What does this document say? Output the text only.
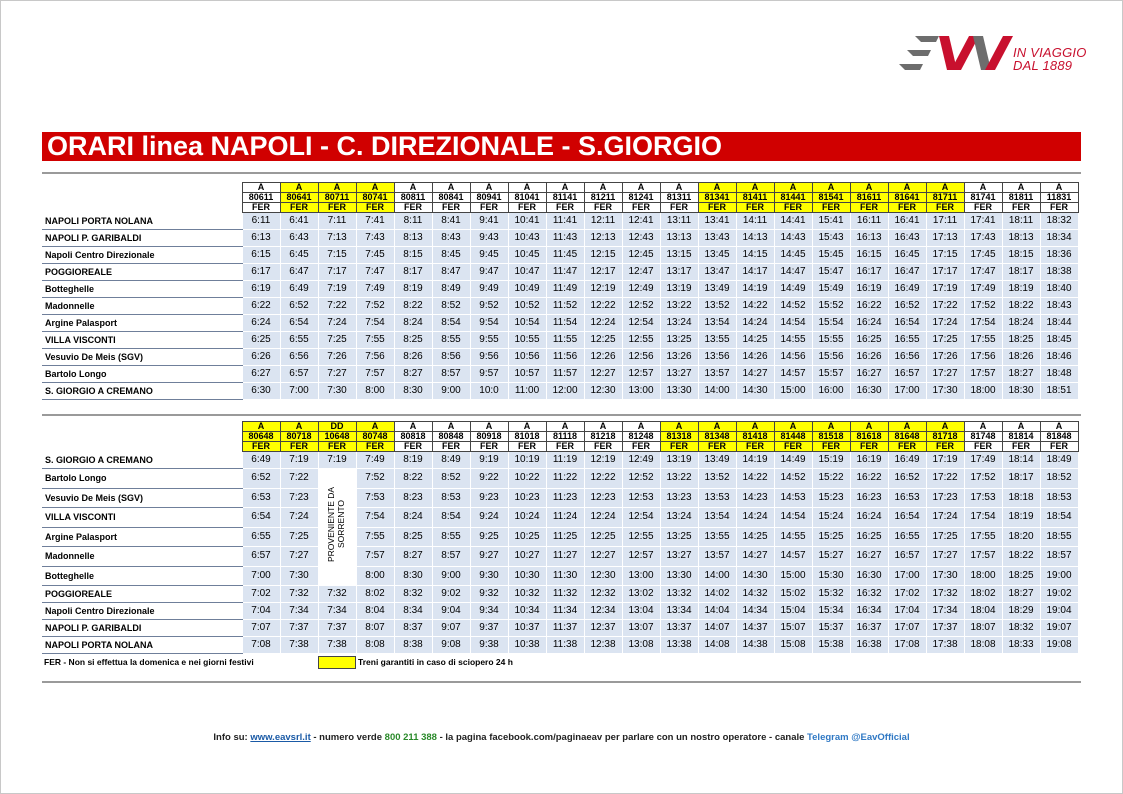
IN VIAGGIO
DAL 1889
ORARI linea NAPOLI - C. DIREZIONALE - S.GIORGIO
	A	A	A	A	A	A	A	A	A	A	A	A	A	A	A	A	A	A	A	A	A	A
	80611	80641	80711	80741	80811	80841	80941	81041	81141	81211	81241	81311	81341	81411	81441	81541	81611	81641	81711	81741	81811	11831
	FER	FER	FER	FER	FER	FER	FER	FER	FER	FER	FER	FER	FER	FER	FER	FER	FER	FER	FER	FER	FER	FER
NAPOLI PORTA NOLANA	6:11	6:41	7:11	7:41	8:11	8:41	9:41	10:41	11:41	12:11	12:41	13:11	13:41	14:11	14:41	15:41	16:11	16:41	17:11	17:41	18:11	18:32
NAPOLI P. GARIBALDI	6:13	6:43	7:13	7:43	8:13	8:43	9:43	10:43	11:43	12:13	12:43	13:13	13:43	14:13	14:43	15:43	16:13	16:43	17:13	17:43	18:13	18:34
Napoli Centro Direzionale	6:15	6:45	7:15	7:45	8:15	8:45	9:45	10:45	11:45	12:15	12:45	13:15	13:45	14:15	14:45	15:45	16:15	16:45	17:15	17:45	18:15	18:36
POGGIOREALE	6:17	6:47	7:17	7:47	8:17	8:47	9:47	10:47	11:47	12:17	12:47	13:17	13:47	14:17	14:47	15:47	16:17	16:47	17:17	17:47	18:17	18:38
Botteghelle	6:19	6:49	7:19	7:49	8:19	8:49	9:49	10:49	11:49	12:19	12:49	13:19	13:49	14:19	14:49	15:49	16:19	16:49	17:19	17:49	18:19	18:40
Madonnelle	6:22	6:52	7:22	7:52	8:22	8:52	9:52	10:52	11:52	12:22	12:52	13:22	13:52	14:22	14:52	15:52	16:22	16:52	17:22	17:52	18:22	18:43
Argine Palasport	6:24	6:54	7:24	7:54	8:24	8:54	9:54	10:54	11:54	12:24	12:54	13:24	13:54	14:24	14:54	15:54	16:24	16:54	17:24	17:54	18:24	18:44
VILLA VISCONTI	6:25	6:55	7:25	7:55	8:25	8:55	9:55	10:55	11:55	12:25	12:55	13:25	13:55	14:25	14:55	15:55	16:25	16:55	17:25	17:55	18:25	18:45
Vesuvio De Meis (SGV)	6:26	6:56	7:26	7:56	8:26	8:56	9:56	10:56	11:56	12:26	12:56	13:26	13:56	14:26	14:56	15:56	16:26	16:56	17:26	17:56	18:26	18:46
Bartolo Longo	6:27	6:57	7:27	7:57	8:27	8:57	9:57	10:57	11:57	12:27	12:57	13:27	13:57	14:27	14:57	15:57	16:27	16:57	17:27	17:57	18:27	18:48
S. GIORGIO A CREMANO	6:30	7:00	7:30	8:00	8:30	9:00	10:0	11:00	12:00	12:30	13:00	13:30	14:00	14:30	15:00	16:00	16:30	17:00	17:30	18:00	18:30	18:51
	A	A	DD	A	A	A	A	A	A	A	A	A	A	A	A	A	A	A	A	A	A	A
	80648	80718	10648	80748	80818	80848	80918	81018	81118	81218	81248	81318	81348	81418	81448	81518	81618	81648	81718	81748	81814	81848
	FER	FER	FER	FER	FER	FER	FER	FER	FER	FER	FER	FER	FER	FER	FER	FER	FER	FER	FER	FER	FER	FER
S. GIORGIO A CREMANO	6:49	7:19	7:19	7:49	8:19	8:49	9:19	10:19	11:19	12:19	12:49	13:19	13:49	14:19	14:49	15:19	16:19	16:49	17:19	17:49	18:14	18:49
Bartolo Longo	6:52	7:22	PROVENIENTE DA SORRENTO	7:52	8:22	8:52	9:22	10:22	11:22	12:22	12:52	13:22	13:52	14:22	14:52	15:22	16:22	16:52	17:22	17:52	18:17	18:52
Vesuvio De Meis (SGV)	6:53	7:23		7:53	8:23	8:53	9:23	10:23	11:23	12:23	12:53	13:23	13:53	14:23	14:53	15:23	16:23	16:53	17:23	17:53	18:18	18:53
VILLA VISCONTI	6:54	7:24		7:54	8:24	8:54	9:24	10:24	11:24	12:24	12:54	13:24	13:54	14:24	14:54	15:24	16:24	16:54	17:24	17:54	18:19	18:54
Argine Palasport	6:55	7:25		7:55	8:25	8:55	9:25	10:25	11:25	12:25	12:55	13:25	13:55	14:25	14:55	15:25	16:25	16:55	17:25	17:55	18:20	18:55
Madonnelle	6:57	7:27		7:57	8:27	8:57	9:27	10:27	11:27	12:27	12:57	13:27	13:57	14:27	14:57	15:27	16:27	16:57	17:27	17:57	18:22	18:57
Botteghelle	7:00	7:30		8:00	8:30	9:00	9:30	10:30	11:30	12:30	13:00	13:30	14:00	14:30	15:00	15:30	16:30	17:00	17:30	18:00	18:25	19:00
POGGIOREALE	7:02	7:32	7:32	8:02	8:32	9:02	9:32	10:32	11:32	12:32	13:02	13:32	14:02	14:32	15:02	15:32	16:32	17:02	17:32	18:02	18:27	19:02
Napoli Centro Direzionale	7:04	7:34	7:34	8:04	8:34	9:04	9:34	10:34	11:34	12:34	13:04	13:34	14:04	14:34	15:04	15:34	16:34	17:04	17:34	18:04	18:29	19:04
NAPOLI P. GARIBALDI	7:07	7:37	7:37	8:07	8:37	9:07	9:37	10:37	11:37	12:37	13:07	13:37	14:07	14:37	15:07	15:37	16:37	17:07	17:37	18:07	18:32	19:07
NAPOLI PORTA NOLANA	7:08	7:38	7:38	8:08	8:38	9:08	9:38	10:38	11:38	12:38	13:08	13:38	14:08	14:38	15:08	15:38	16:38	17:08	17:38	18:08	18:33	19:08
FER - Non si effettua la domenica e nei giorni festivi	Treni garantiti in caso di sciopero 24 h
Info su: www.eavsrl.it - numero verde 800 211 388 - la pagina facebook.com/paginaeav per parlare con un nostro operatore - canale Telegram @EavOfficial
